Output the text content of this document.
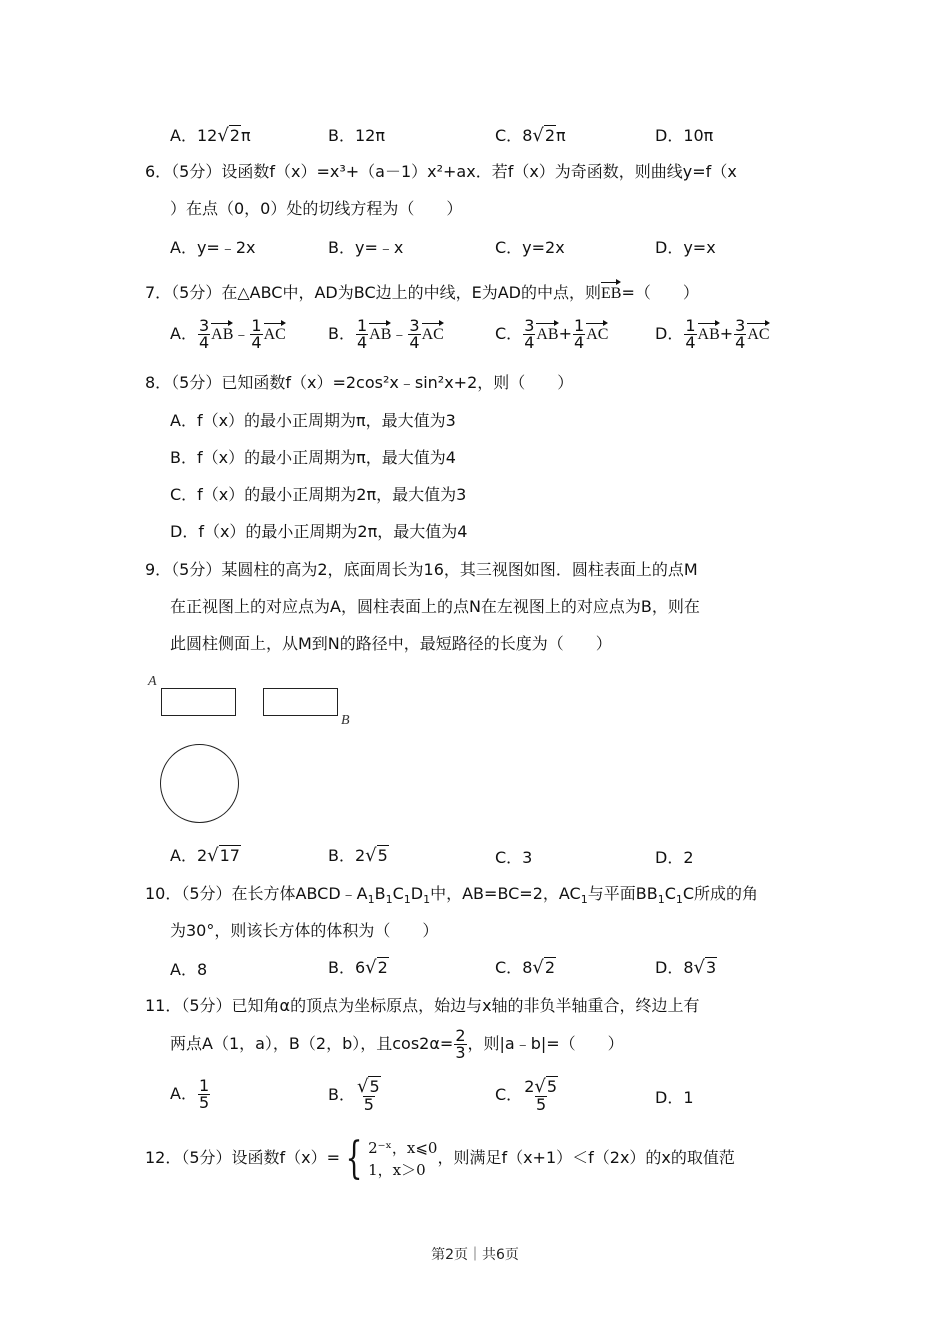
A．12√2π	B．12π	C．8√2π	D．10π
6．（5分）设函数f（x）=x³+（a－1）x²+ax．若f（x）为奇函数，则曲线y=f（x
）在点（0，0）处的切线方程为（　　）
A．y=﹣2x	B．y=﹣x	C．y=2x	D．y=x
7．（5分）在△ABC中，AD为BC边上的中线，E为AD的中点，则EB=（　　）
A． $\frac{3}{4}$ AB﹣ $\frac{1}{4}$ AC	B． $\frac{1}{4}$ AB﹣ $\frac{3}{4}$ AC	C． $\frac{3}{4} AB+ \frac{1}{4}$ AC	D． $\frac{1}{4} AB+ \frac{3}{4}$ AC
8．（5分）已知函数f（x）=2cos²x﹣sin²x+2，则（　　）
A．f（x）的最小正周期为π，最大值为3
B．f（x）的最小正周期为π，最大值为4
C．f（x）的最小正周期为2π，最大值为3
D．f（x）的最小正周期为2π，最大值为4
9．（5分）某圆柱的高为2，底面周长为16，其三视图如图．圆柱表面上的点M
在正视图上的对应点为A，圆柱表面上的点N在左视图上的对应点为B，则在
此圆柱侧面上，从M到N的路径中，最短路径的长度为（　　）
A
B
A．2√17	B．2√5	C．3	D．2
10．（5分）在长方体$ABCD﹣A_1B_1C_1D_1$中，AB=BC=2，$AC_1$与平面$BB_1C_1C$所成的角
为30°，则该长方体的体积为（　　）
A．8	B．6√2	C．8√2	D．8√3
11．（5分）已知角α的顶点为坐标原点，始边与x轴的非负半轴重合，终边上有
两点A（1，a），B（2，b），且$\cos 2\alpha= \frac{2}{3}$ ，则|a﹣b|=（　　）
A． $\frac{1}{5}$	B． $\frac{√5}{5}$	C． $\frac{2√5}{5}$	D．1
12．（5分）设函数f（x）= { 2⁻ˣ，x⩽0
1，x＞0
，则满足f（x+1）＜f（2x）的x的取值范
第2页｜共6页
